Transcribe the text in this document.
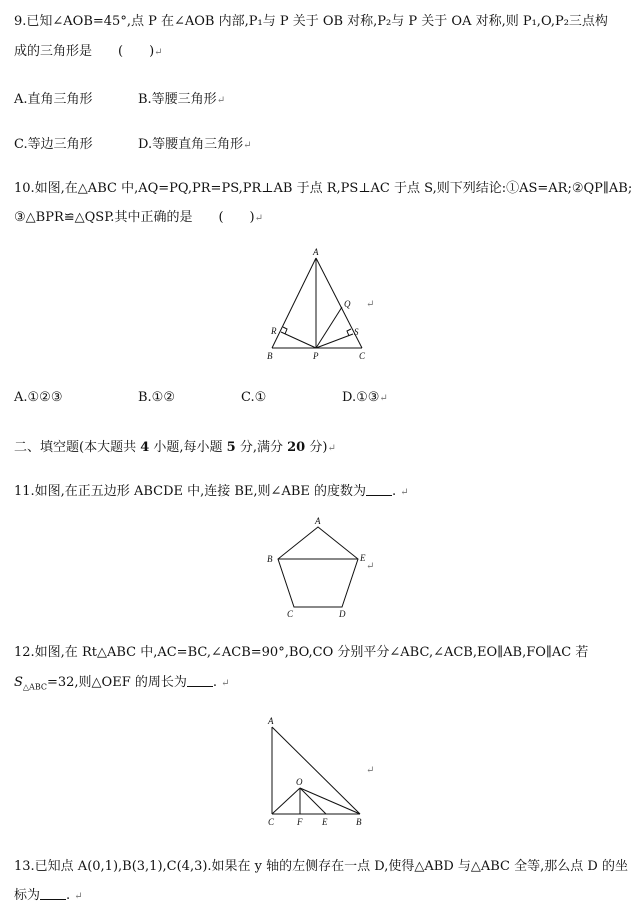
9.已知∠AOB=45°,点 P 在∠AOB 内部,P₁与 P 关于 OB 对称,P₂与 P 关于 OA 对称,则 P₁,O,P₂三点构
成的三角形是　　(　　)↵
A.直角三角形	B.等腰三角形↵
C.等边三角形	D.等腰直角三角形↵
10.如图,在△ABC 中,AQ=PQ,PR=PS,PR⊥AB 于点 R,PS⊥AC 于点 S,则下列结论:①AS=AR;②QP∥AB;
③△BPR≌△QSP.其中正确的是　　(　　)↵
A
Q
R	S
B	P	C
↵
A.①②③	B.①②	C.①	D.①③↵
二、填空题(本大题共 4 小题,每小题 5 分,满分 20 分)↵
11.如图,在正五边形 ABCDE 中,连接 BE,则∠ABE 的度数为 . ↵
A
B	E
C	D
↵
12.如图,在 Rt△ABC 中,AC=BC,∠ACB=90°,BO,CO 分别平分∠ABC,∠ACB,EO∥AB,FO∥AC 若
$S_{\triangle ABC}=32$,则△OEF 的周长为 . ↵
A
O
C	F E	B
↵
13.已知点 A(0,1),B(3,1),C(4,3).如果在 y 轴的左侧存在一点 D,使得△ABD 与△ABC 全等,那么点 D 的坐
标为 . ↵
